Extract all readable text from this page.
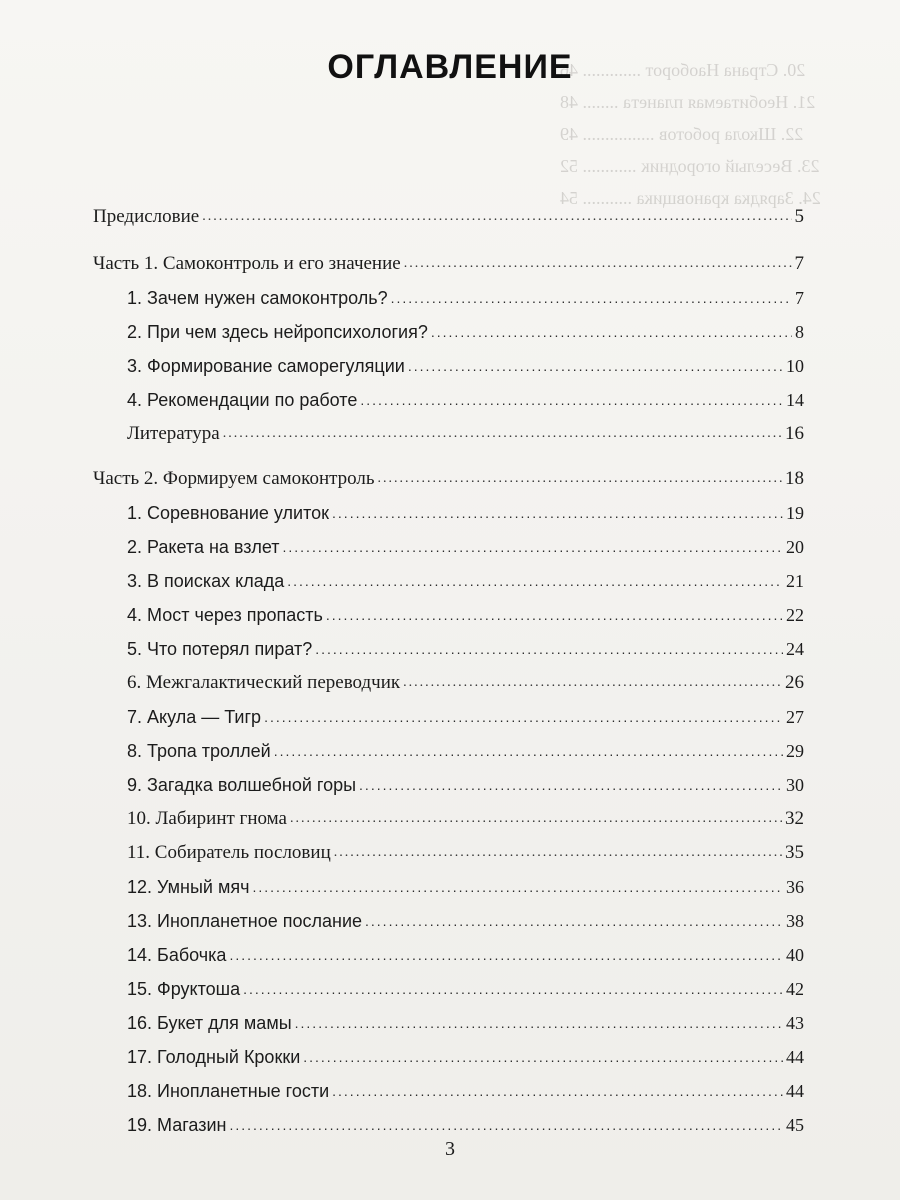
20. Страна Наоборот ............. 46
21. Необитаемая планета ........ 48
22. Школа роботов ................ 49
23. Веселый огородник ............ 52
24. Зарядка крановщика ........... 54
ОГЛАВЛЕНИЕ
Предисловие .....	5
Часть 1. Самоконтроль и его значение .....	7
1. Зачем нужен самоконтроль? .....	7
2. При чем здесь нейропсихология? .....	8
3. Формирование саморегуляции .....	10
4. Рекомендации по работе .....	14
Литература .....	16
Часть 2. Формируем самоконтроль .....	18
1. Соревнование улиток .....	19
2. Ракета на взлет .....	20
3. В поисках клада .....	21
4. Мост через пропасть .....	22
5. Что потерял пират? .....	24
6. Межгалактический переводчик .....	26
7. Акула — Тигр .....	27
8. Тропа троллей .....	29
9. Загадка волшебной горы .....	30
10. Лабиринт гнома .....	32
11. Собиратель пословиц .....	35
12. Умный мяч .....	36
13. Инопланетное послание .....	38
14. Бабочка .....	40
15. Фруктоша .....	42
16. Букет для мамы .....	43
17. Голодный Крокки .....	44
18. Инопланетные гости .....	44
19. Магазин .....	45
3
